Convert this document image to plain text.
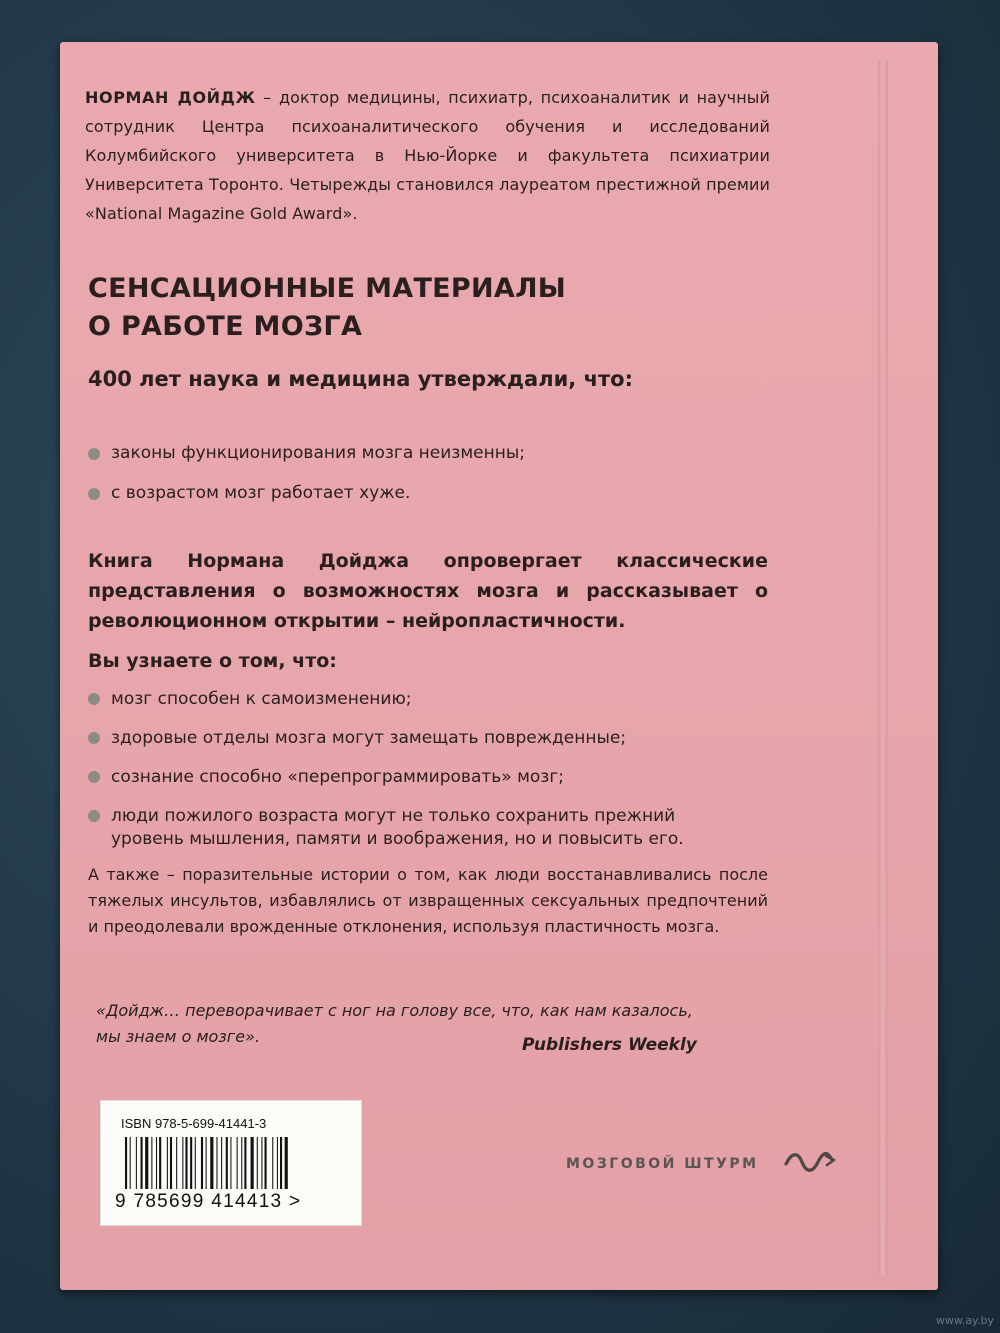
НОРМАН ДОЙДЖ – доктор медицины, психиатр, психоаналитик и научный сотрудник Центра психоаналитического обучения и исследований Колумбийского университета в Нью-Йорке и факультета психиатрии Университета Торонто. Четырежды становился лауреатом престижной премии «National Magazine Gold Award».
СЕНСАЦИОННЫЕ МАТЕРИАЛЫ
О РАБОТЕ МОЗГА
400 лет наука и медицина утверждали, что:
законы функционирования мозга неизменны;
с возрастом мозг работает хуже.
Книга Нормана Дойджа опровергает классические представления о возможностях мозга и рассказывает о революционном открытии – нейропластичности.
Вы узнаете о том, что:
мозг способен к самоизменению;
здоровые отделы мозга могут замещать поврежденные;
сознание способно «перепрограммировать» мозг;
люди пожилого возраста могут не только сохранить прежний уровень мышления, памяти и воображения, но и повысить его.
А также – поразительные истории о том, как люди восстанавливались после тяжелых инсультов, избавлялись от извращенных сексуальных предпочтений и преодолевали врожденные отклонения, используя пластичность мозга.
«Дойдж… переворачивает с ног на голову все, что, как нам казалось, мы знаем о мозге».	Publishers Weekly
ISBN 978-5-699-41441-3
9 785699 414413 >
МОЗГОВОЙ ШТУРМ
www.ay.by
